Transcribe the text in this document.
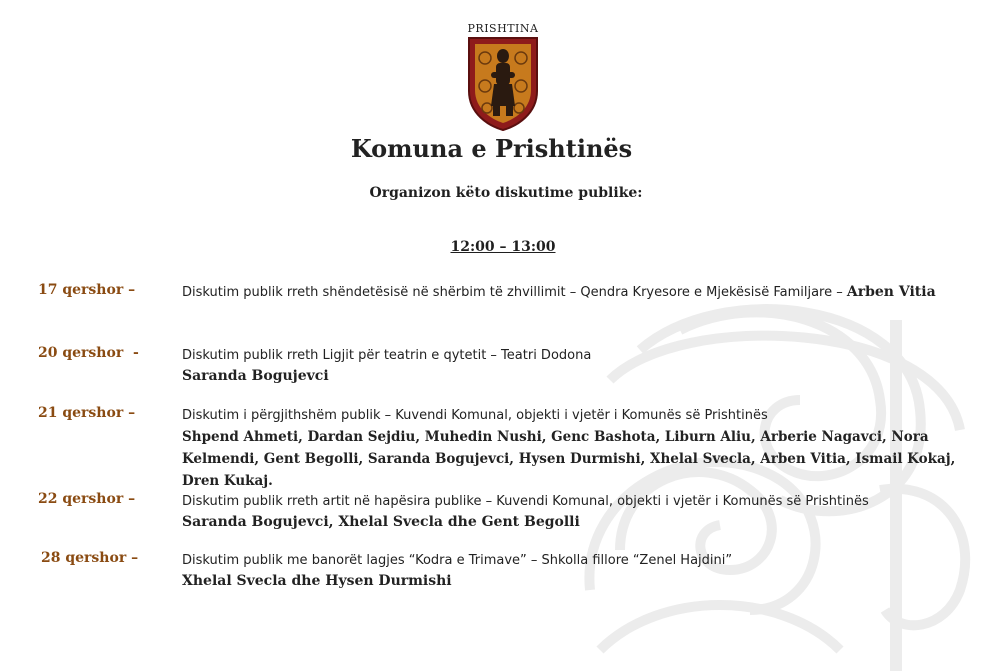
PRISHTINA
Komuna e Prishtinës
Organizon këto diskutime publike:
12:00 – 13:00
17 qershor –	Diskutim publik rreth shëndetësisë në shërbim të zhvillimit – Qendra Kryesore e Mjekësisë Familjare – Arben Vitia
20 qershor  -	Diskutim publik rreth Ligjit për teatrin e qytetit – Teatri Dodona
Saranda Bogujevci
21 qershor –	Diskutim i përgjithshëm publik – Kuvendi Komunal, objekti i vjetër i Komunës së Prishtinës
Shpend Ahmeti, Dardan Sejdiu, Muhedin Nushi, Genc Bashota, Liburn Aliu, Arberie Nagavci, Nora Kelmendi, Gent Begolli, Saranda Bogujevci, Hysen Durmishi, Xhelal Svecla, Arben Vitia, Ismail Kokaj, Dren Kukaj.
22 qershor –	Diskutim publik rreth artit në hapësira publike – Kuvendi Komunal, objekti i vjetër i Komunës së Prishtinës
Saranda Bogujevci, Xhelal Svecla dhe Gent Begolli
28 qershor –	Diskutim publik me banorët lagjes “Kodra e Trimave” – Shkolla fillore “Zenel Hajdini”
Xhelal Svecla dhe Hysen Durmishi
